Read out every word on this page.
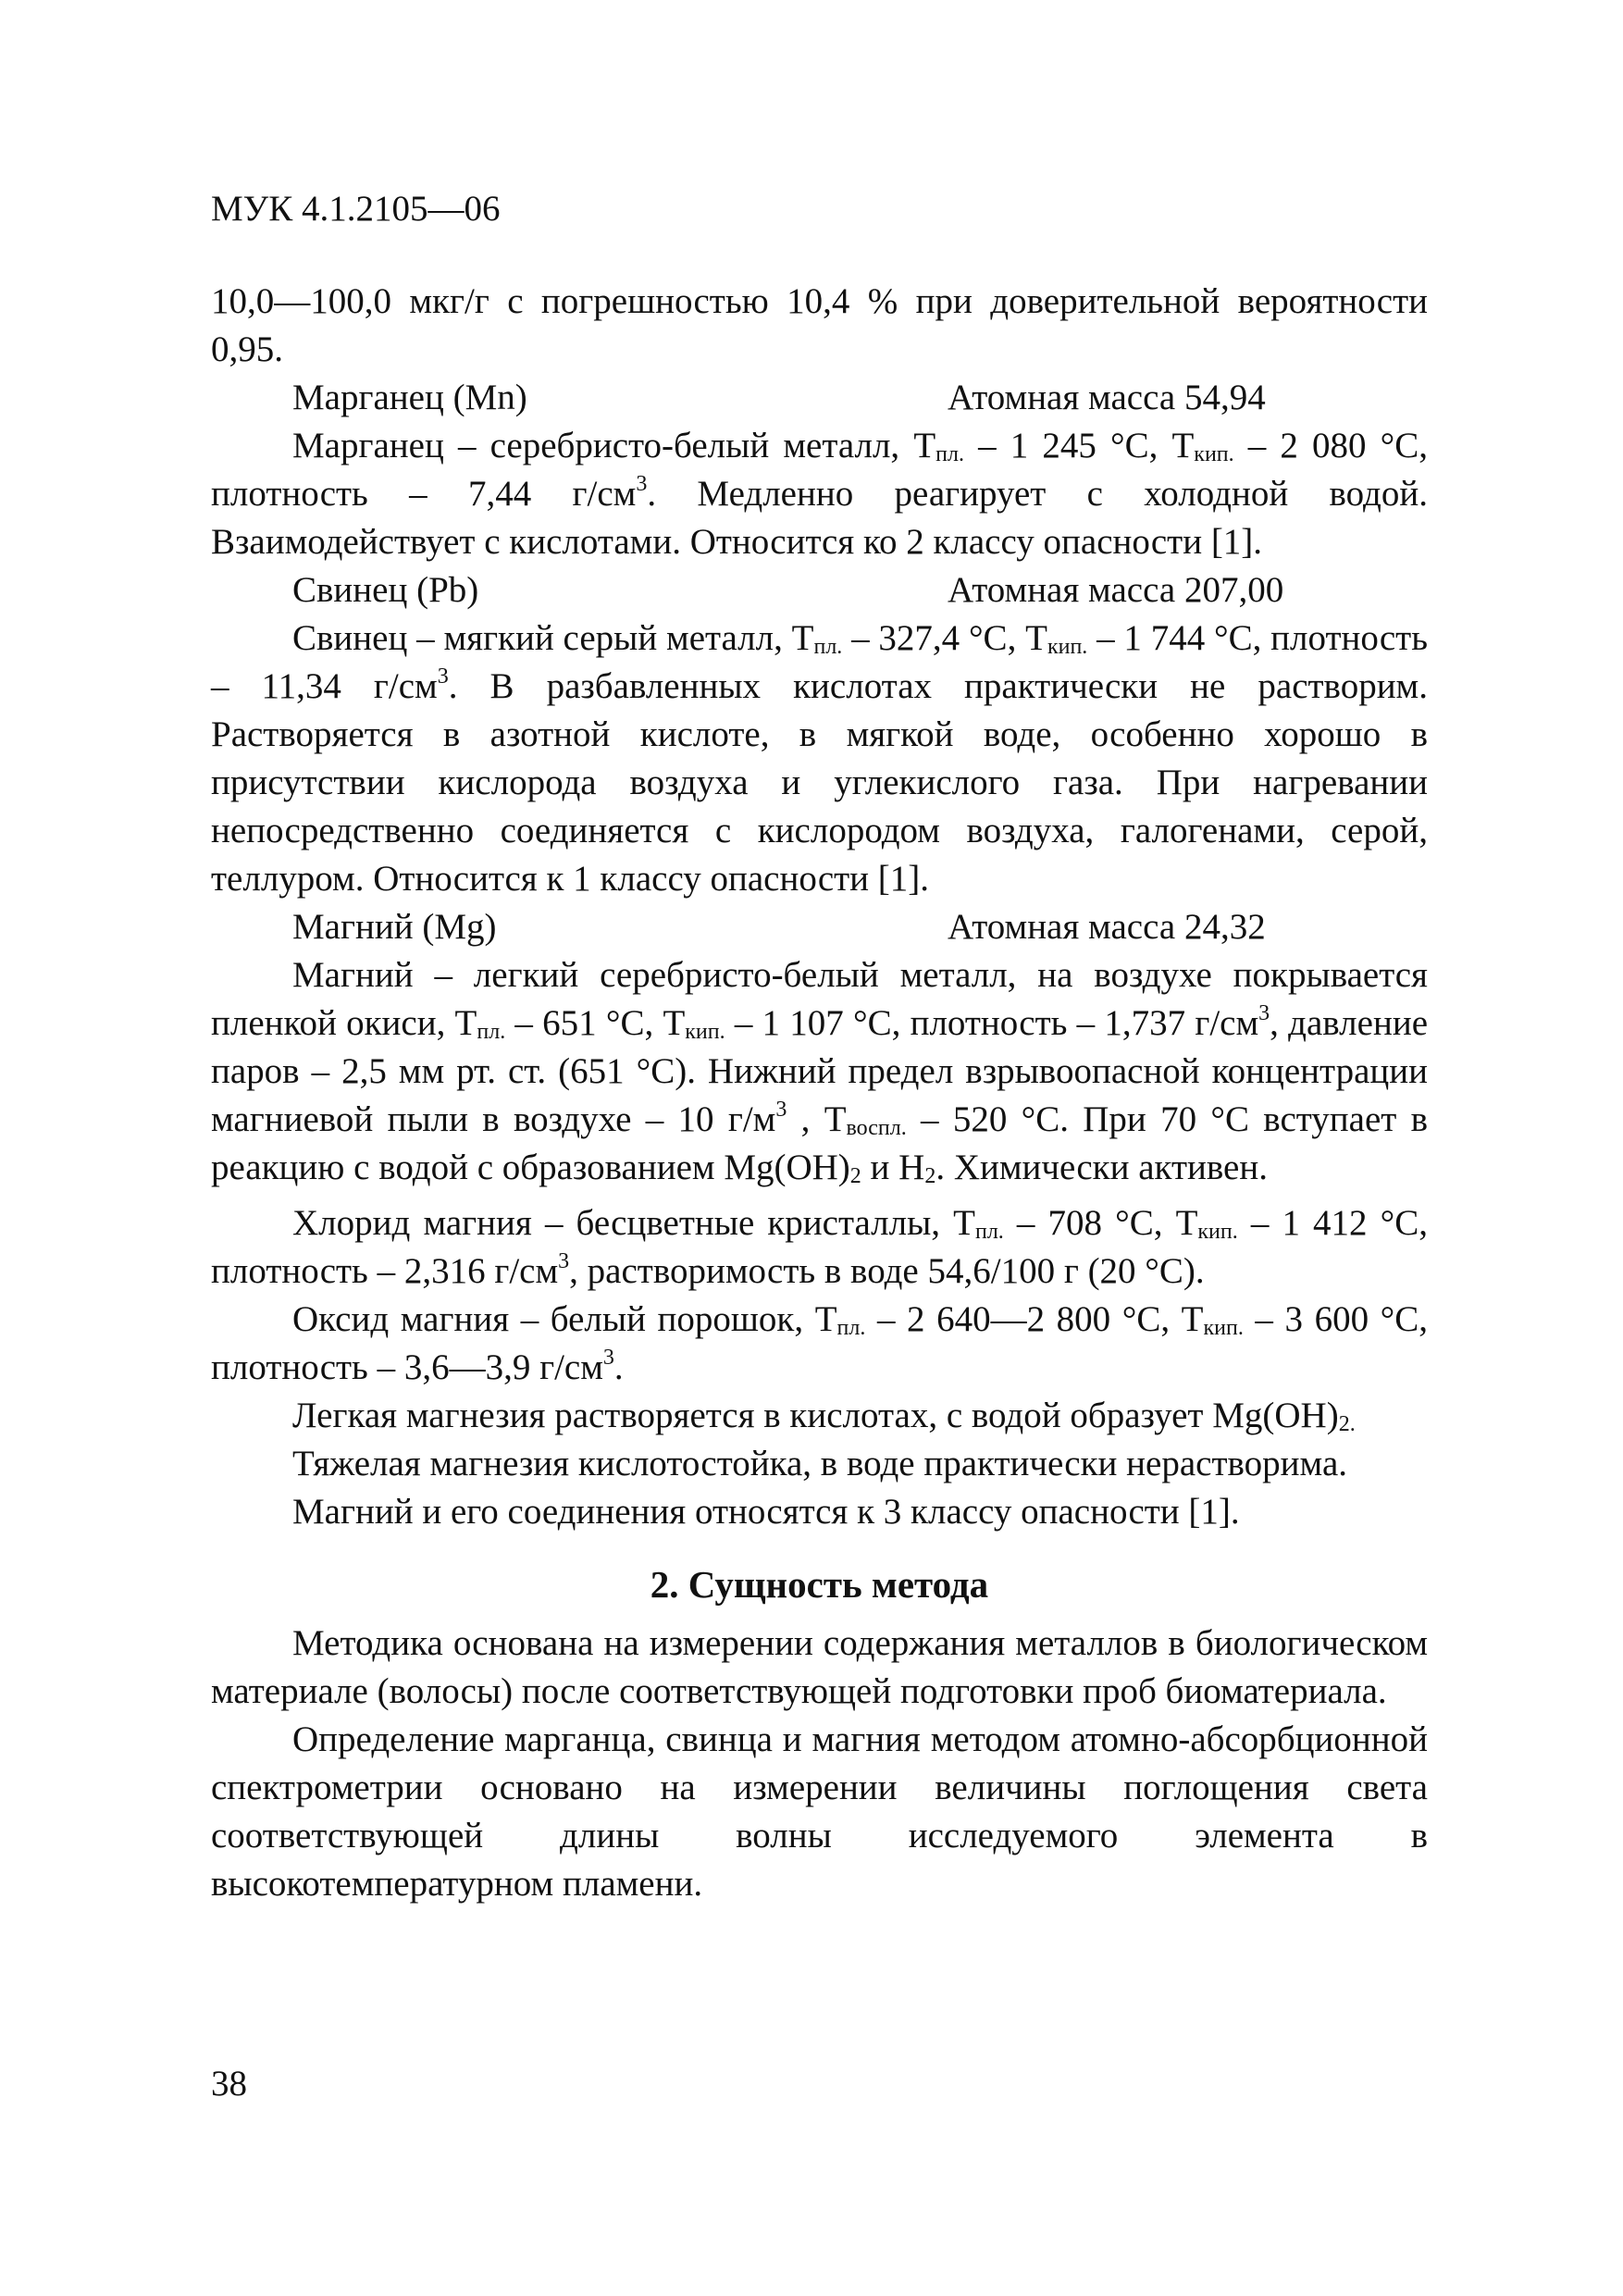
МУК 4.1.2105—06

10,0—100,0 мкг/г с погрешностью 10,4 % при доверительной вероятности 0,95.

Марганец (Mn)	Атомная масса 54,94

Марганец – серебристо-белый металл, $Т_{пл.} - 1$ 245 °С, $Т_{кип.} - 2$ 080 °С, плотность – 7,44 $г/см^3$. Медленно реагирует с холодной водой. Взаимодействует с кислотами. Относится ко 2 классу опасности [1].

Свинец (Pb)	Атомная масса 207,00

Свинец – мягкий серый металл, $Т_{пл.} - 327,4$ °С, $Т_{кип.} - 1$ 744 °С, плотность – 11,34 $г/см^3$. В разбавленных кислотах практически не растворим. Растворяется в азотной кислоте, в мягкой воде, особенно хорошо в присутствии кислорода воздуха и углекислого газа. При нагревании непосредственно соединяется с кислородом воздуха, галогенами, серой, теллуром. Относится к 1 классу опасности [1].

Магний (Mg)	Атомная масса 24,32

Магний – легкий серебристо-белый металл, на воздухе покрывается пленкой окиси, $Т_{пл.} - 651$ °С, $Т_{кип.} - 1$ 107 °С, плотность – 1,737 $г/см^3$, давление паров – 2,5 мм рт. ст. (651 °С). Нижний предел взрывоопасной концентрации магниевой пыли в воздухе – 10 $г/м^3$ , $Т_{воспл.} - 520$ °С. При 70 °С вступает в реакцию с водой с образованием $Mg(OH)_2$ и $Н_2$. Химически активен.

Хлорид магния – бесцветные кристаллы, $Т_{пл.} - 708$ °С, $Т_{кип.} - 1$ 412 °С, плотность – 2,316 $г/см^3$, растворимость в воде 54,6/100 г (20 °С).

Оксид магния – белый порошок, $Т_{пл.} - 2$ 640—2 800 °С, $Т_{кип.} - 3$ 600 °С, плотность – 3,6—3,9 $г/см^3$.

Легкая магнезия растворяется в кислотах, с водой образует $Mg(OH)_{2.}$

Тяжелая магнезия кислотостойка, в воде практически нерастворима.

Магний и его соединения относятся к 3 классу опасности [1].

2. Сущность метода

Методика основана на измерении содержания металлов в биологическом материале (волосы) после соответствующей подготовки проб биоматериала.

Определение марганца, свинца и магния методом атомно-абсорбционной спектрометрии основано на измерении величины поглощения света соответствующей длины волны исследуемого элемента в высокотемпературном пламени.

38
